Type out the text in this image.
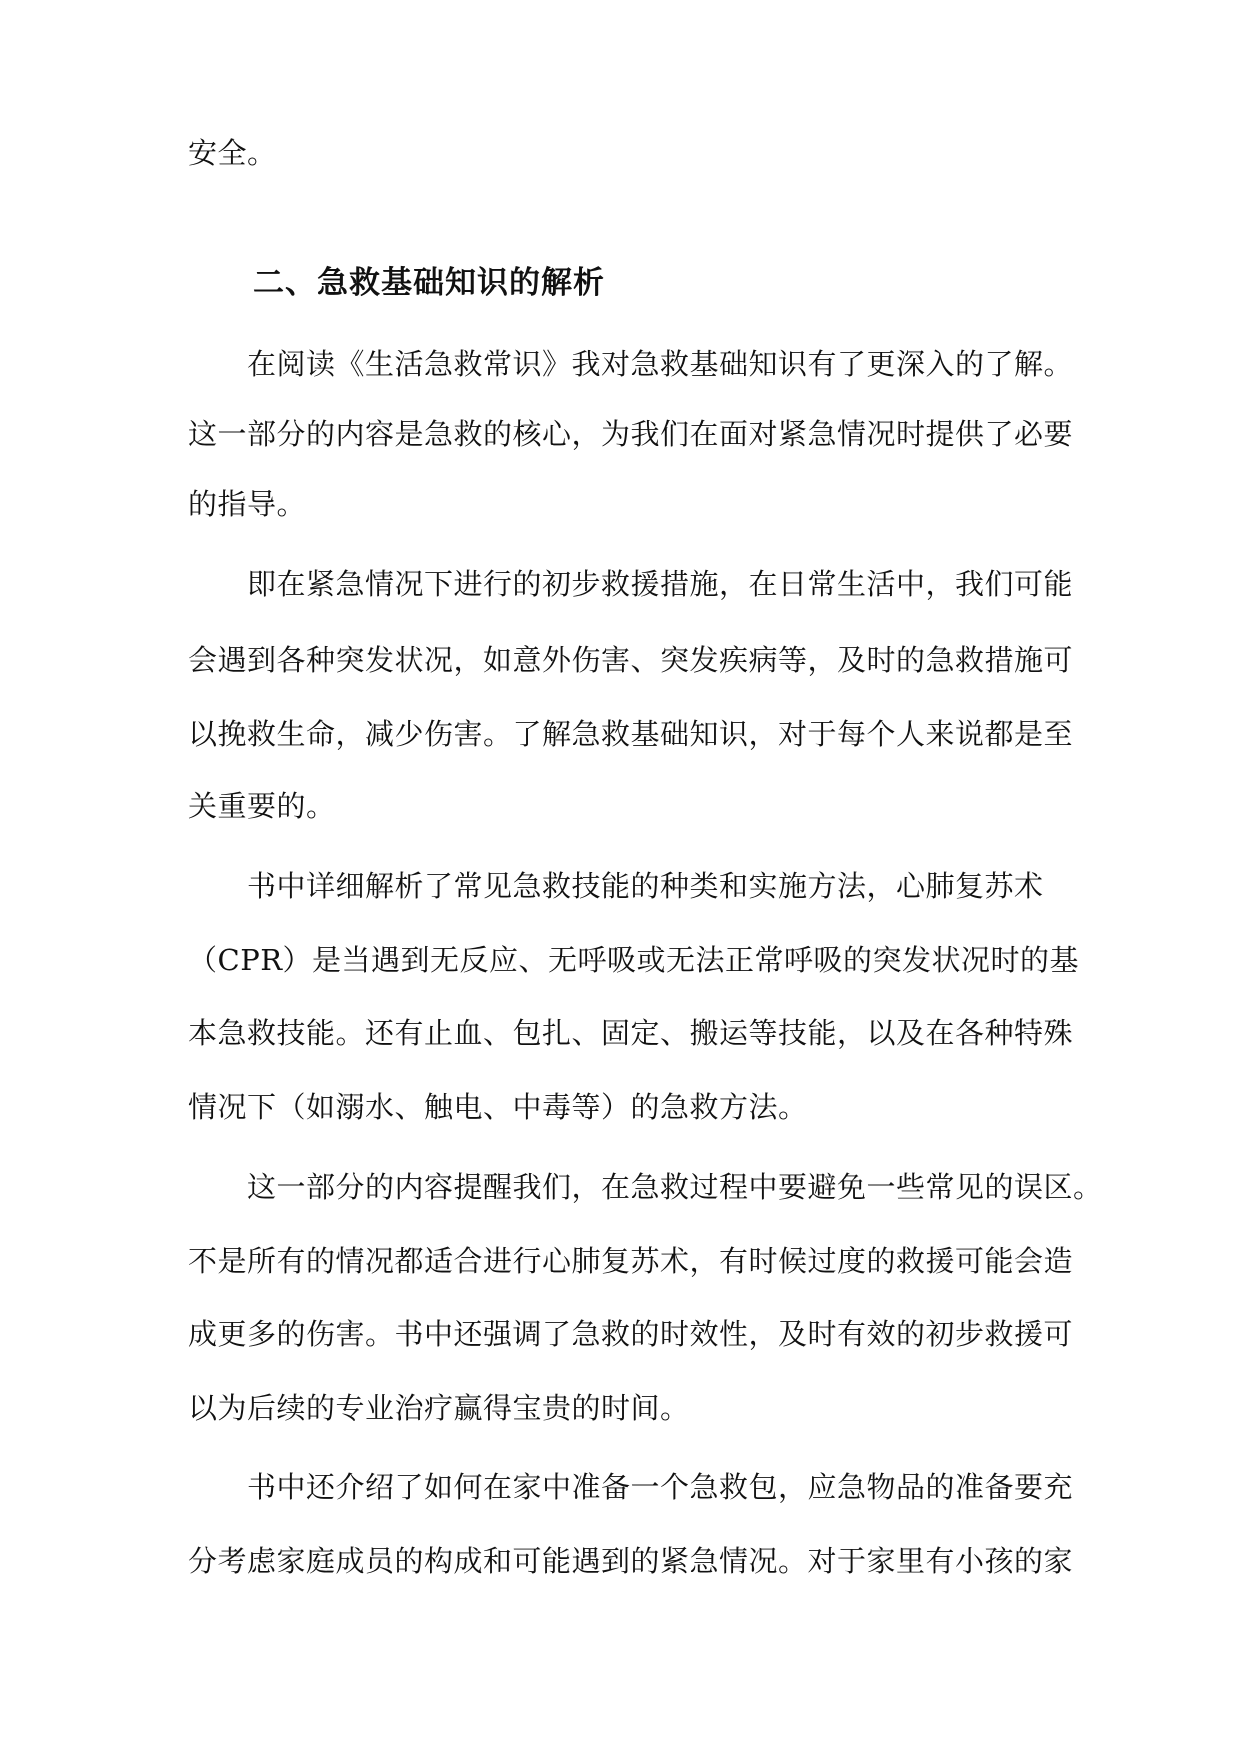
安全。
二、急救基础知识的解析
在阅读《生活急救常识》我对急救基础知识有了更深入的了解。
这一部分的内容是急救的核心，为我们在面对紧急情况时提供了必要
的指导。
即在紧急情况下进行的初步救援措施，在日常生活中，我们可能
会遇到各种突发状况，如意外伤害、突发疾病等，及时的急救措施可
以挽救生命，减少伤害。了解急救基础知识，对于每个人来说都是至
关重要的。
书中详细解析了常见急救技能的种类和实施方法，心肺复苏术
（CPR）是当遇到无反应、无呼吸或无法正常呼吸的突发状况时的基
本急救技能。还有止血、包扎、固定、搬运等技能，以及在各种特殊
情况下（如溺水、触电、中毒等）的急救方法。
这一部分的内容提醒我们，在急救过程中要避免一些常见的误区。
不是所有的情况都适合进行心肺复苏术，有时候过度的救援可能会造
成更多的伤害。书中还强调了急救的时效性，及时有效的初步救援可
以为后续的专业治疗赢得宝贵的时间。
书中还介绍了如何在家中准备一个急救包，应急物品的准备要充
分考虑家庭成员的构成和可能遇到的紧急情况。对于家里有小孩的家
